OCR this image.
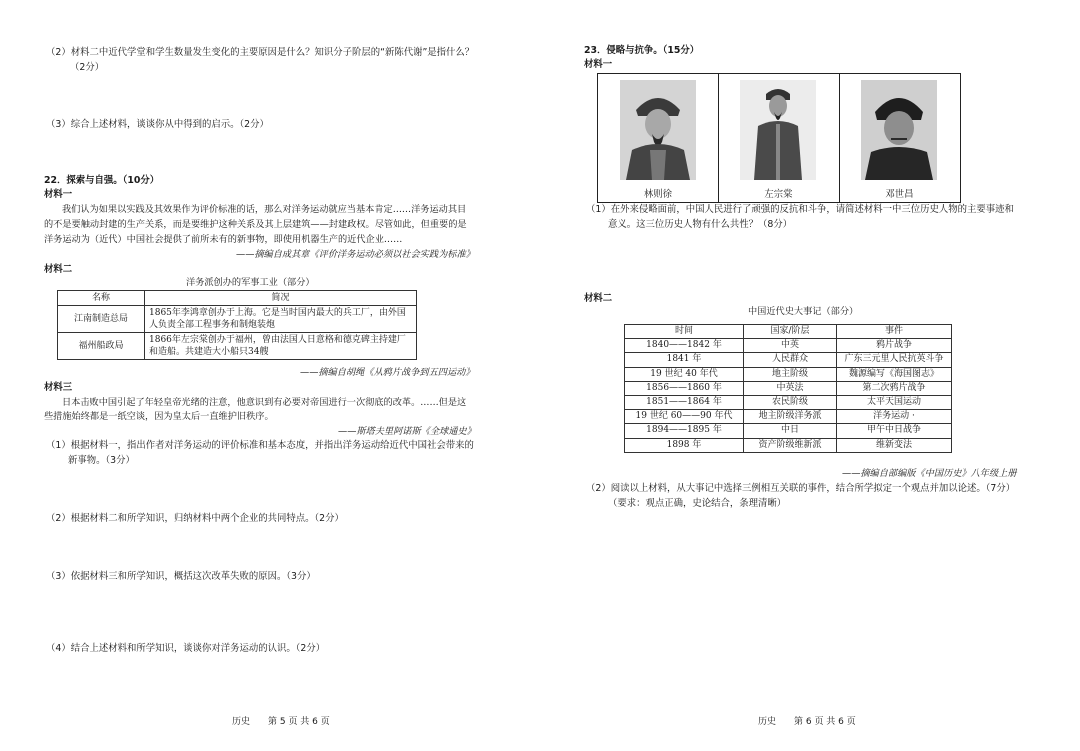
（2）材料二中近代学堂和学生数量发生变化的主要原因是什么？知识分子阶层的“新陈代谢”是指什么？
（2分）
（3）综合上述材料，谈谈你从中得到的启示。（2分）
22．探索与自强。（10分）
材料一
我们认为如果以实践及其效果作为评价标准的话，那么对洋务运动就应当基本肯定……洋务运动其目
的不是要触动封建的生产关系，而是要维护这种关系及其上层建筑——封建政权。尽管如此，但重要的是
洋务运动为（近代）中国社会提供了前所未有的新事物，即使用机器生产的近代企业……
——摘编自成其章《评价洋务运动必须以社会实践为标准》
材料二
洋务派创办的军事工业（部分）
名称	简况
江南制造总局	1865年李鸿章创办于上海。它是当时国内最大的兵工厂，由外国人负责全部工程事务和制炮装炮
福州船政局	1866年左宗棠创办于福州，曾由法国人日意格和德克碑主持建厂和造船。共建造大小船只34艘
——摘编自胡绳《从鸦片战争到五四运动》
材料三
日本击败中国引起了年轻皇帝光绪的注意，他意识到有必要对帝国进行一次彻底的改革。……但是这
些措施始终都是一纸空谈，因为皇太后一直维护旧秩序。
——斯塔夫里阿诺斯《全球通史》
（1）根据材料一，指出作者对洋务运动的评价标准和基本态度，并指出洋务运动给近代中国社会带来的
新事物。（3分）
（2）根据材料二和所学知识，归纳材料中两个企业的共同特点。（2分）
（3）依据材料三和所学知识，概括这次改革失败的原因。（3分）
（4）结合上述材料和所学知识，谈谈你对洋务运动的认识。（2分）
历史　　第 5 页 共 6 页
23．侵略与抗争。（15分）
材料一
林则徐	左宗棠	邓世昌
（1）在外来侵略面前，中国人民进行了顽强的反抗和斗争，请简述材料一中三位历史人物的主要事迹和
意义。这三位历史人物有什么共性？（8分）
材料二
中国近代史大事记（部分）
时间	国家/阶层	事件
1840——1842 年	中英	鸦片战争
1841 年	人民群众	广东三元里人民抗英斗争
19 世纪 40 年代	地主阶级	魏源编写《海国图志》
1856——1860 年	中英法	第二次鸦片战争
1851——1864 年	农民阶级	太平天国运动
19 世纪 60——90 年代	地主阶级洋务派	洋务运动 ·
1894——1895 年	中日	甲午中日战争
1898 年	资产阶级维新派	维新变法
——摘编自部编版《中国历史》八年级上册
（2）阅读以上材料，从大事记中选择三例相互关联的事件，结合所学拟定一个观点并加以论述。（7分）
（要求：观点正确，史论结合，条理清晰）
历史　　第 6 页 共 6 页
